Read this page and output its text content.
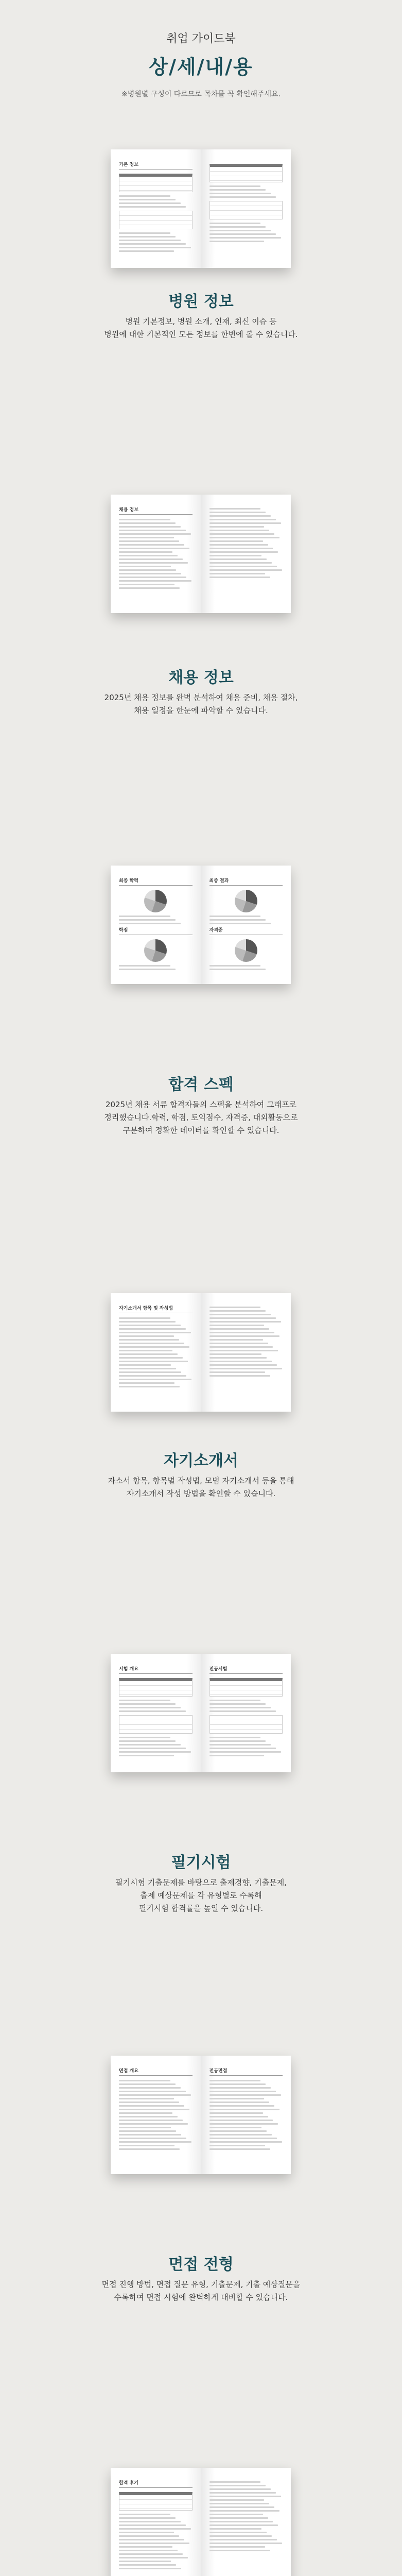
취업 가이드북
상/세/내/용
※병원별 구성이 다르므로 목차를 꼭 확인해주세요.
기본 정보
병원 정보
병원 기본정보, 병원 소개, 인재, 최신 이슈 등
병원에 대한 기본적인 모든 정보를 한번에 볼 수 있습니다.
채용 정보
채용 정보
2025년 채용 정보를 완벽 분석하여 채용 준비, 채용 절차,
채용 일정을 한눈에 파악할 수 있습니다.
최종 학력
학점
최종 결과
자격증
합격 스펙
2025년 채용 서류 합격자들의 스펙을 분석하여 그래프로
정리했습니다.학력, 학점, 토익점수, 자격증, 대외활동으로
구분하여 정확한 데이터를 확인할 수 있습니다.
자기소개서 항목 및 작성법
자기소개서
자소서 항목, 항목별 작성법, 모범 자기소개서 등을 통해
자기소개서 작성 방법을 확인할 수 있습니다.
시험 개요	전공시험
필기시험
필기시험 기출문제를 바탕으로 출제경향, 기출문제,
출제 예상문제를 각 유형별로 수록해
필기시험 합격률을 높일 수 있습니다.
면접 개요	전공면접
면접 전형
면접 진행 방법, 면접 질문 유형, 기출문제, 기출 예상질문을
수록하여 면접 시험에 완벽하게 대비할 수 있습니다.
합격 후기
